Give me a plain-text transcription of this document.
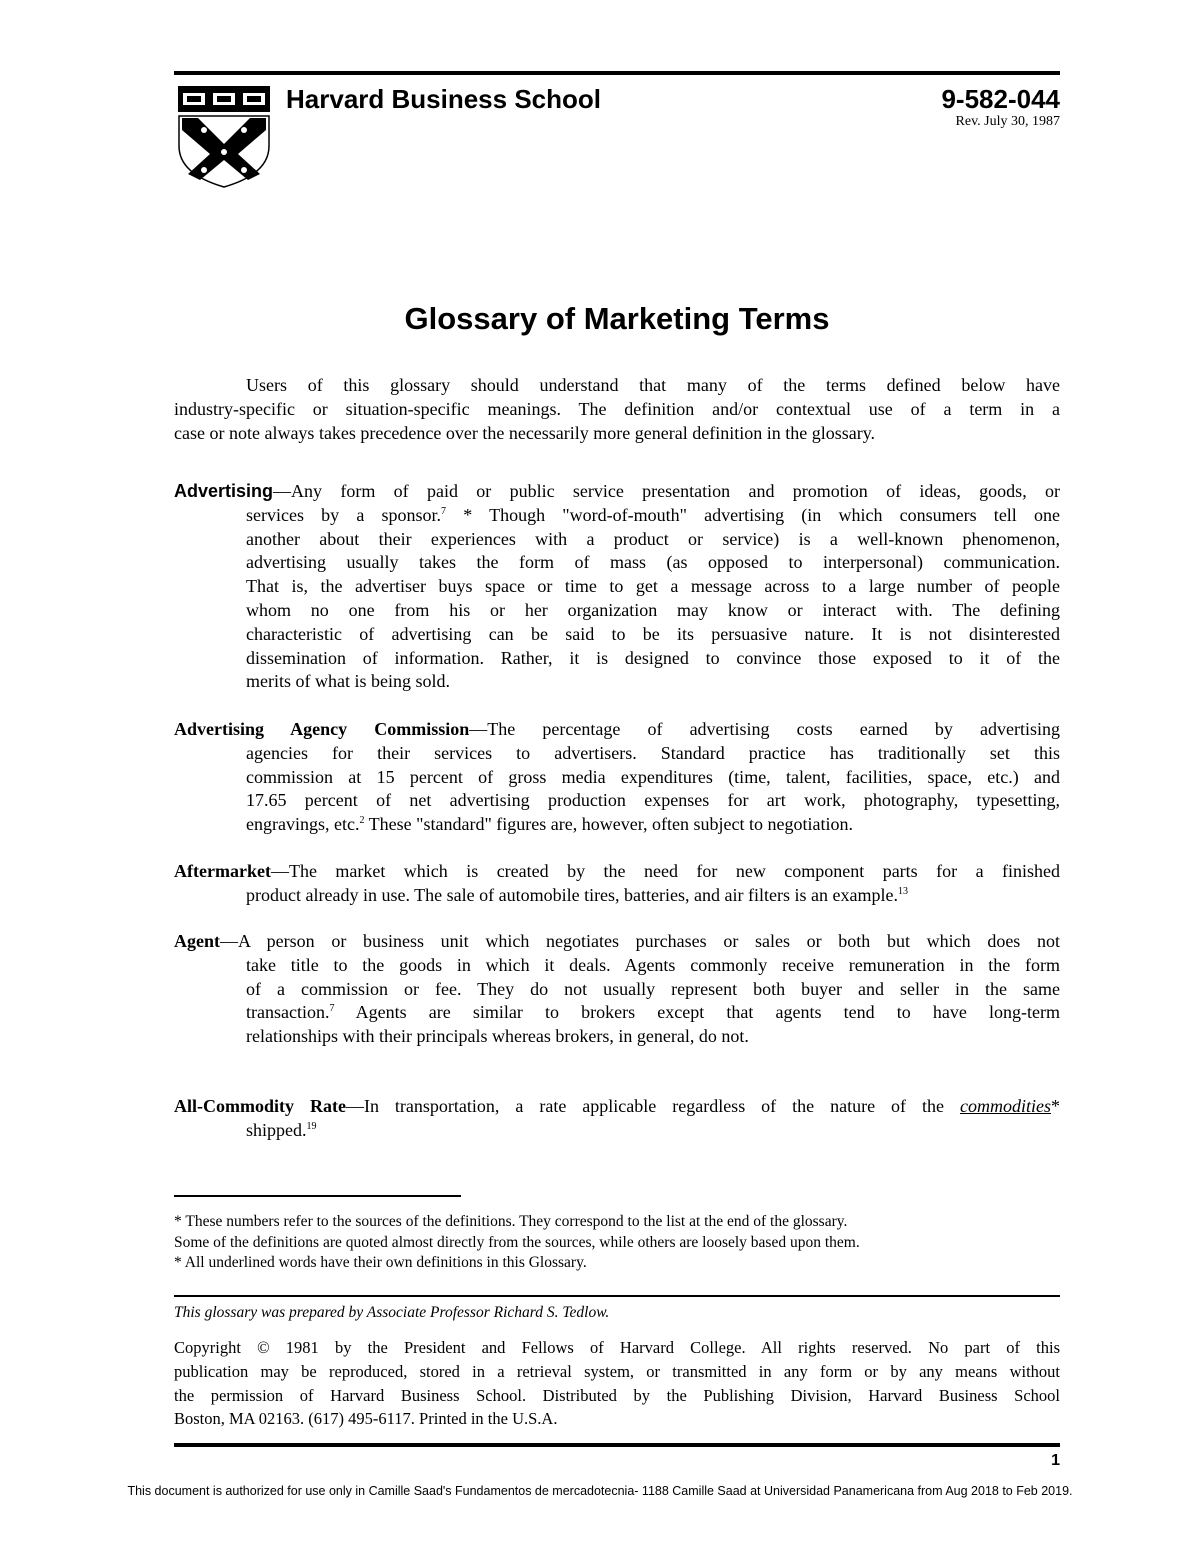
Harvard Business School	9-582-044
Rev. July 30, 1987
Glossary of Marketing Terms
Users of this glossary should understand that many of the terms defined below have
industry-specific or situation-specific meanings. The definition and/or contextual use of a term in a
case or note always takes precedence over the necessarily more general definition in the glossary.
Advertising—Any form of paid or public service presentation and promotion of ideas, goods, or
services by a sponsor.$^7$ * Though "word-of-mouth" advertising (in which consumers tell one
another about their experiences with a product or service) is a well-known phenomenon,
advertising usually takes the form of mass (as opposed to interpersonal) communication.
That is, the advertiser buys space or time to get a message across to a large number of people
whom no one from his or her organization may know or interact with. The defining
characteristic of advertising can be said to be its persuasive nature. It is not disinterested
dissemination of information. Rather, it is designed to convince those exposed to it of the
merits of what is being sold.
Advertising Agency Commission—The percentage of advertising costs earned by advertising
agencies for their services to advertisers. Standard practice has traditionally set this
commission at 15 percent of gross media expenditures (time, talent, facilities, space, etc.) and
17.65 percent of net advertising production expenses for art work, photography, typesetting,
engravings, etc.$^2$ These "standard" figures are, however, often subject to negotiation.
Aftermarket—The market which is created by the need for new component parts for a finished
product already in use. The sale of automobile tires, batteries, and air filters is an example.$^{13}$
Agent—A person or business unit which negotiates purchases or sales or both but which does not
take title to the goods in which it deals. Agents commonly receive remuneration in the form
of a commission or fee. They do not usually represent both buyer and seller in the same
transaction.$^7$ Agents are similar to brokers except that agents tend to have long-term
relationships with their principals whereas brokers, in general, do not.
All-Commodity Rate—In transportation, a rate applicable regardless of the nature of the commodities*
shipped.$^{19}$
* These numbers refer to the sources of the definitions. They correspond to the list at the end of the glossary.
Some of the definitions are quoted almost directly from the sources, while others are loosely based upon them.
* All underlined words have their own definitions in this Glossary.
This glossary was prepared by Associate Professor Richard S. Tedlow.
Copyright © 1981 by the President and Fellows of Harvard College. All rights reserved. No part of this
publication may be reproduced, stored in a retrieval system, or transmitted in any form or by any means without
the permission of Harvard Business School. Distributed by the Publishing Division, Harvard Business School
Boston, MA 02163. (617) 495-6117. Printed in the U.S.A.
1
This document is authorized for use only in Camille Saad's Fundamentos de mercadotecnia- 1188 Camille Saad at Universidad Panamericana from Aug 2018 to Feb 2019.
